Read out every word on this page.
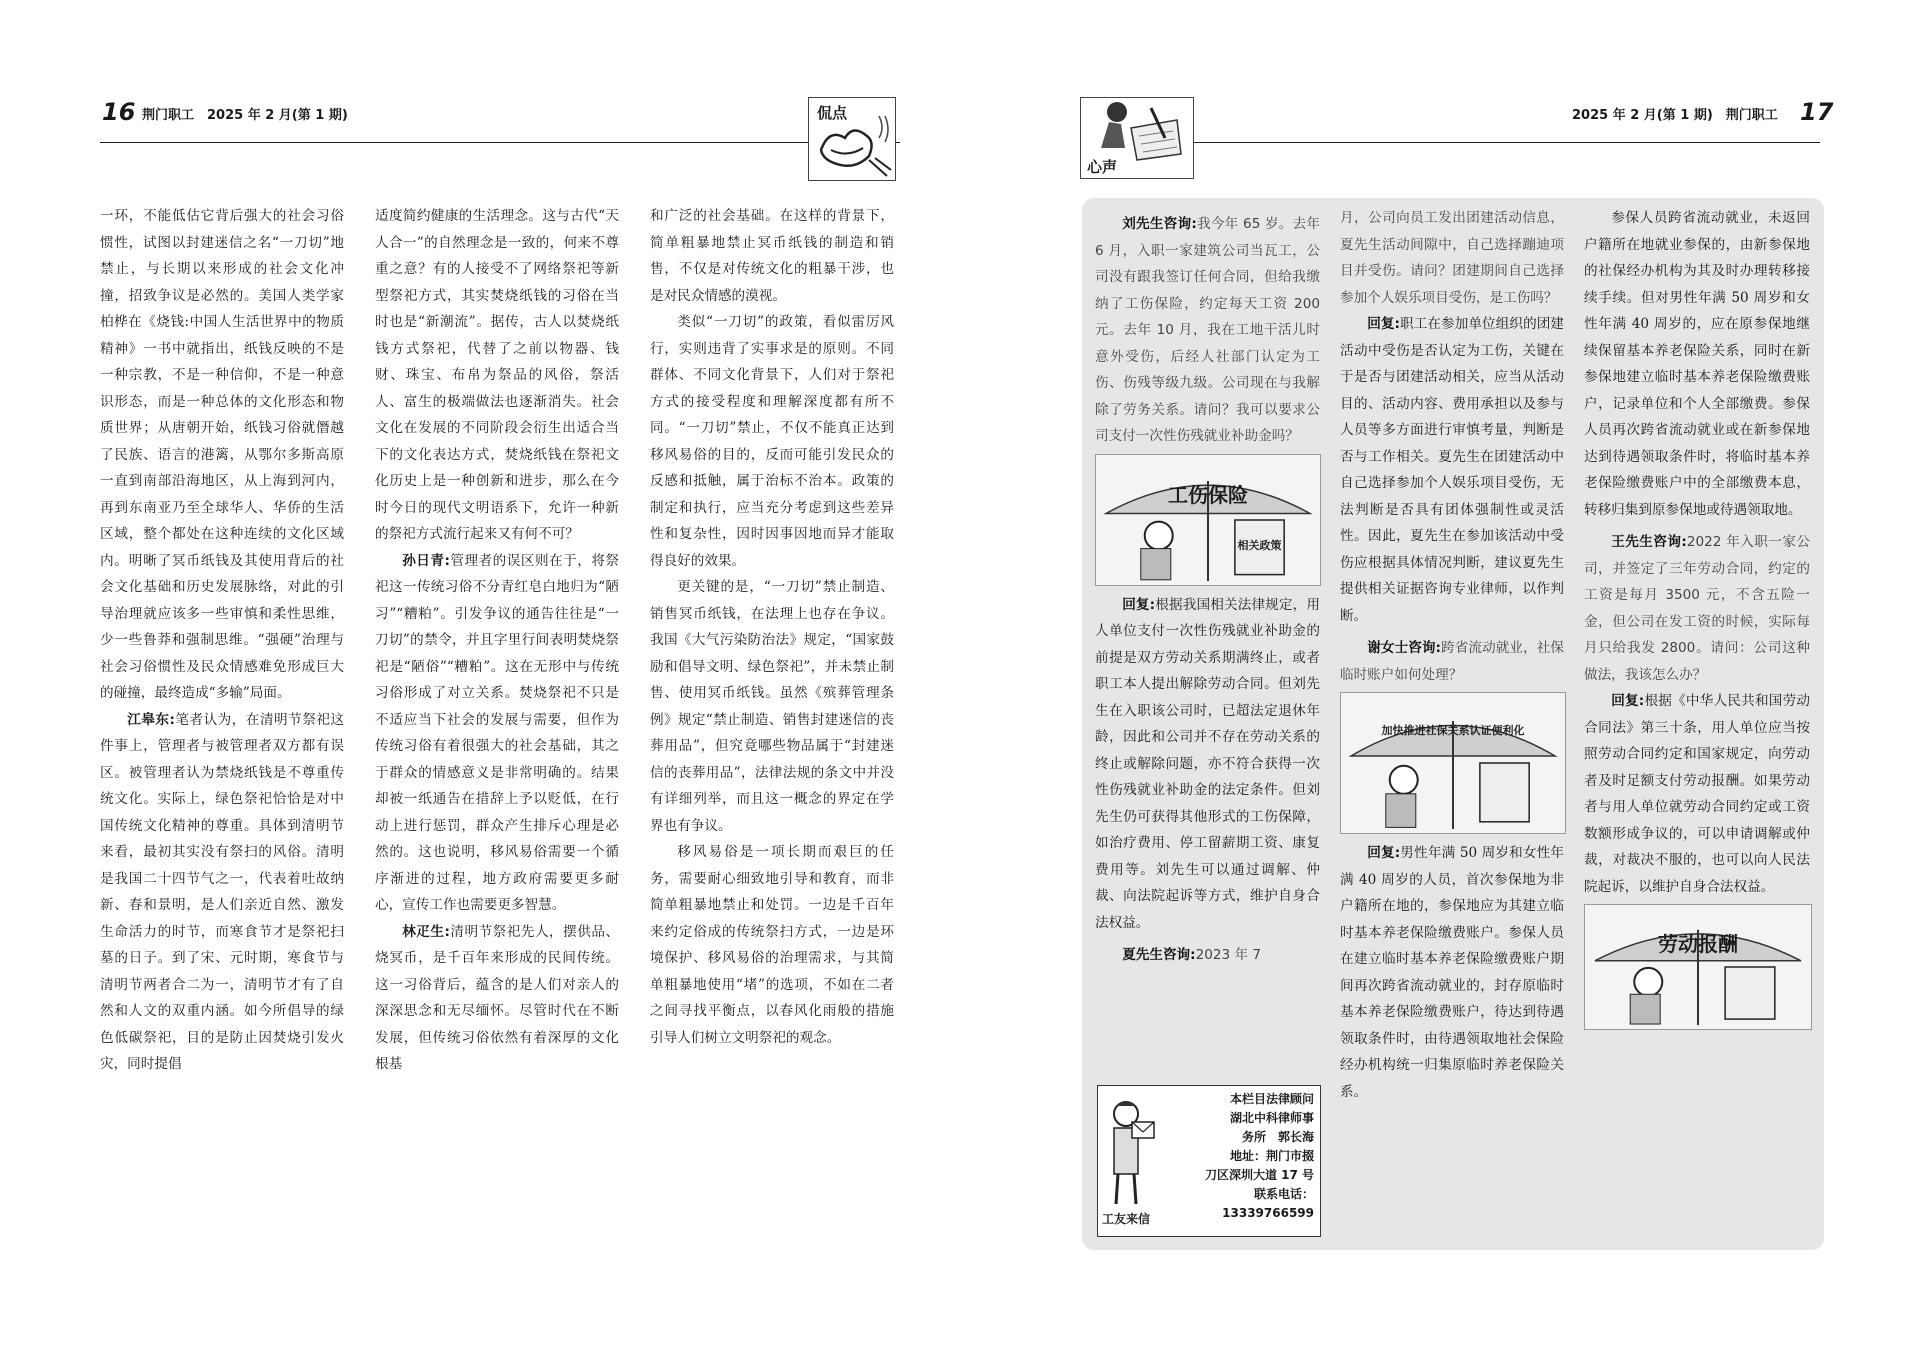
16 荆门职工　2025 年 2 月(第 1 期)	侃点

一环，不能低估它背后强大的社会习俗惯性，试图以封建迷信之名“一刀切”地禁止，与长期以来形成的社会文化冲撞，招致争议是必然的。美国人类学家柏桦在《烧钱:中国人生活世界中的物质精神》一书中就指出，纸钱反映的不是一种宗教，不是一种信仰，不是一种意识形态，而是一种总体的文化形态和物质世界；从唐朝开始，纸钱习俗就僭越了民族、语言的港篱，从鄂尔多斯高原一直到南部沿海地区，从上海到河内，再到东南亚乃至全球华人、华侨的生活区域，整个都处在这种连续的文化区域内。明晰了冥币纸钱及其使用背后的社会文化基础和历史发展脉络，对此的引导治理就应该多一些审慎和柔性思维，少一些鲁莽和强制思维。“强硬”治理与社会习俗惯性及民众情感难免形成巨大的碰撞，最终造成“多输”局面。

江皋东:笔者认为，在清明节祭祀这件事上，管理者与被管理者双方都有误区。被管理者认为禁烧纸钱是不尊重传统文化。实际上，绿色祭祀恰恰是对中国传统文化精神的尊重。具体到清明节来看，最初其实没有祭扫的风俗。清明是我国二十四节气之一，代表着吐故纳新、春和景明，是人们亲近自然、激发生命活力的时节，而寒食节才是祭祀扫墓的日子。到了宋、元时期，寒食节与清明节两者合二为一，清明节才有了自然和人文的双重内涵。如今所倡导的绿色低碳祭祀，目的是防止因焚烧引发火灾，同时提倡

适度简约健康的生活理念。这与古代“天人合一”的自然理念是一致的，何来不尊重之意？有的人接受不了网络祭祀等新型祭祀方式，其实焚烧纸钱的习俗在当时也是“新潮流”。据传，古人以焚烧纸钱方式祭祀，代替了之前以物器、钱财、珠宝、布帛为祭品的风俗，祭活人、富生的极端做法也逐渐消失。社会文化在发展的不同阶段会衍生出适合当下的文化表达方式，焚烧纸钱在祭祀文化历史上是一种创新和进步，那么在今时今日的现代文明语系下，允许一种新的祭祀方式流行起来又有何不可？

孙日青:管理者的误区则在于，将祭祀这一传统习俗不分青红皂白地归为“陋习”“糟粕”。引发争议的通告往往是“一刀切”的禁令，并且字里行间表明焚烧祭祀是“陋俗”“糟粕”。这在无形中与传统习俗形成了对立关系。焚烧祭祀不只是不适应当下社会的发展与需要，但作为传统习俗有着很强大的社会基础，其之于群众的情感意义是非常明确的。结果却被一纸通告在措辞上予以贬低，在行动上进行惩罚，群众产生排斥心理是必然的。这也说明，移风易俗需要一个循序渐进的过程，地方政府需要更多耐心，宣传工作也需要更多智慧。

林疋生:清明节祭祀先人，摆供品、烧冥币，是千百年来形成的民间传统。这一习俗背后，蕴含的是人们对亲人的深深思念和无尽缅怀。尽管时代在不断发展，但传统习俗依然有着深厚的文化根基

和广泛的社会基础。在这样的背景下，简单粗暴地禁止冥币纸钱的制造和销售，不仅是对传统文化的粗暴干涉，也是对民众情感的漠视。

类似“一刀切”的政策，看似雷厉风行，实则违背了实事求是的原则。不同群体、不同文化背景下，人们对于祭祀方式的接受程度和理解深度都有所不同。“一刀切”禁止，不仅不能真正达到移风易俗的目的，反而可能引发民众的反感和抵触，属于治标不治本。政策的制定和执行，应当充分考虑到这些差异性和复杂性，因时因事因地而异才能取得良好的效果。

更关键的是，“一刀切”禁止制造、销售冥币纸钱，在法理上也存在争议。我国《大气污染防治法》规定，“国家鼓励和倡导文明、绿色祭祀”，并未禁止制售、使用冥币纸钱。虽然《殡葬管理条例》规定“禁止制造、销售封建迷信的丧葬用品”，但究竟哪些物品属于“封建迷信的丧葬用品”，法律法规的条文中并没有详细列举，而且这一概念的界定在学界也有争议。

移风易俗是一项长期而艰巨的任务，需要耐心细致地引导和教育，而非简单粗暴地禁止和处罚。一边是千百年来约定俗成的传统祭扫方式，一边是环境保护、移风易俗的治理需求，与其简单粗暴地使用“堵”的选项，不如在二者之间寻找平衡点，以春风化雨般的措施引导人们树立文明祭祀的观念。

2025 年 2 月(第 1 期)　荆门职工 17
心声

刘先生咨询:我今年 65 岁。去年 6 月，入职一家建筑公司当瓦工，公司没有跟我签订任何合同，但给我缴纳了工伤保险，约定每天工资 200 元。去年 10 月，我在工地干活儿时意外受伤，后经人社部门认定为工伤、伤残等级九级。公司现在与我解除了劳务关系。请问？我可以要求公司支付一次性伤残就业补助金吗？

工伤保险
相关政策

回复:根据我国相关法律规定，用人单位支付一次性伤残就业补助金的前提是双方劳动关系期满终止，或者职工本人提出解除劳动合同。但刘先生在入职该公司时，已超法定退休年龄，因此和公司并不存在劳动关系的终止或解除问题，亦不符合获得一次性伤残就业补助金的法定条件。但刘先生仍可获得其他形式的工伤保障，如治疗费用、停工留薪期工资、康复费用等。刘先生可以通过调解、仲裁、向法院起诉等方式，维护自身合法权益。

夏先生咨询:2023 年 7

月，公司向员工发出团建活动信息，夏先生活动间隙中，自己选择蹦迪项目并受伤。请问？团建期间自己选择参加个人娱乐项目受伤，是工伤吗？

回复:职工在参加单位组织的团建活动中受伤是否认定为工伤，关键在于是否与团建活动相关，应当从活动目的、活动内容、费用承担以及参与人员等多方面进行审慎考量，判断是否与工作相关。夏先生在团建活动中自己选择参加个人娱乐项目受伤，无法判断是否具有团体强制性或灵活性。因此，夏先生在参加该活动中受伤应根据具体情况判断，建议夏先生提供相关证据咨询专业律师，以作判断。

谢女士咨询:跨省流动就业，社保临时账户如何处理？

加快推进社保关系认证便利化

回复:男性年满 50 周岁和女性年满 40 周岁的人员，首次参保地为非户籍所在地的，参保地应为其建立临时基本养老保险缴费账户。参保人员在建立临时基本养老保险缴费账户期间再次跨省流动就业的，封存原临时基本养老保险缴费账户，待达到待遇领取条件时，由待遇领取地社会保险经办机构统一归集原临时养老保险关系。

参保人员跨省流动就业，未返回户籍所在地就业参保的，由新参保地的社保经办机构为其及时办理转移接续手续。但对男性年满 50 周岁和女性年满 40 周岁的，应在原参保地继续保留基本养老保险关系，同时在新参保地建立临时基本养老保险缴费账户，记录单位和个人全部缴费。参保人员再次跨省流动就业或在新参保地达到待遇领取条件时，将临时基本养老保险缴费账户中的全部缴费本息，转移归集到原参保地或待遇领取地。

王先生咨询:2022 年入职一家公司，并签定了三年劳动合同，约定的工资是每月 3500 元，不含五险一金，但公司在发工资的时候，实际每月只给我发 2800。请问：公司这种做法，我该怎么办？

回复:根据《中华人民共和国劳动合同法》第三十条，用人单位应当按照劳动合同约定和国家规定，向劳动者及时足额支付劳动报酬。如果劳动者与用人单位就劳动合同约定或工资数额形成争议的，可以申请调解或仲裁，对裁决不服的，也可以向人民法院起诉，以维护自身合法权益。

劳动报酬
工友来信
本栏目法律顾问
湖北中科律师事
务所　郭长海
地址：荆门市掇
刀区深圳大道 17 号
联系电话：
13339766599
